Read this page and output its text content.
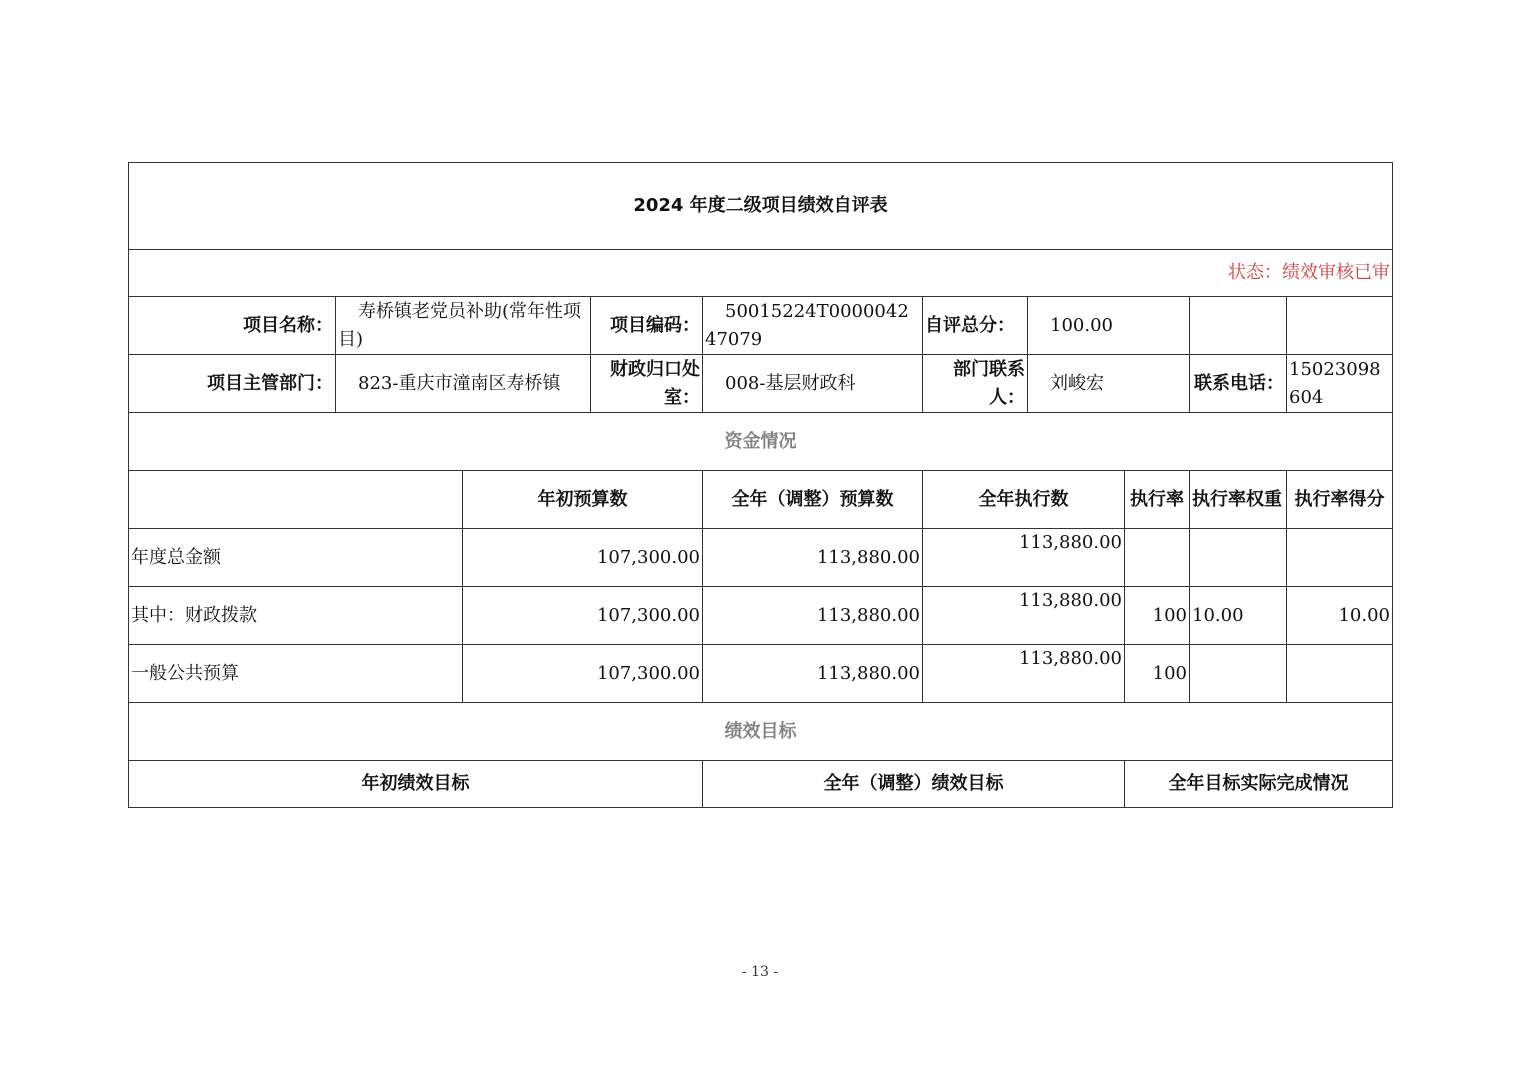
2024 年度二级项目绩效自评表									
状态：绩效审核已审									
项目名称：	寿桥镇老党员补助(常年性项目)		项目编码：	50015224T000004247079	自评总分：	100.00			
项目主管部门：	823-重庆市潼南区寿桥镇		财政归口处室：	008-基层财政科	部门联系人：	刘峻宏		联系电话：	15023098604
资金情况									
		年初预算数		全年（调整）预算数	全年执行数		执行率	执行率权重	执行率得分
年度总金额		107,300.00		113,880.00	113,880.00				
其中：财政拨款		107,300.00		113,880.00	113,880.00		100	10.00	10.00
一般公共预算		107,300.00		113,880.00	113,880.00		100		
绩效目标									
年初绩效目标				全年（调整）绩效目标			全年目标实际完成情况		
- 13 -
